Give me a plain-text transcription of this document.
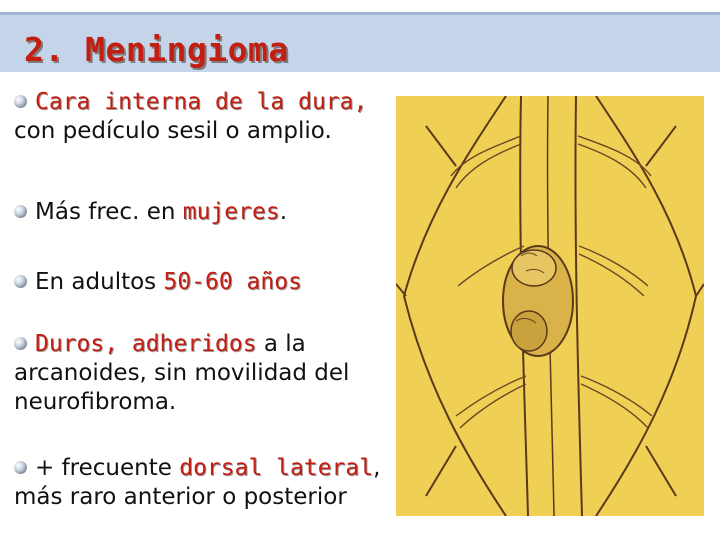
2. Meningioma
Cara interna de la dura, con pedículo sesil o amplio.
Más frec. en mujeres.
En adultos 50-60 años
Duros, adheridos a la arcanoides, sin movilidad del neurofibroma.
+ frecuente dorsal lateral, más raro anterior o posterior
